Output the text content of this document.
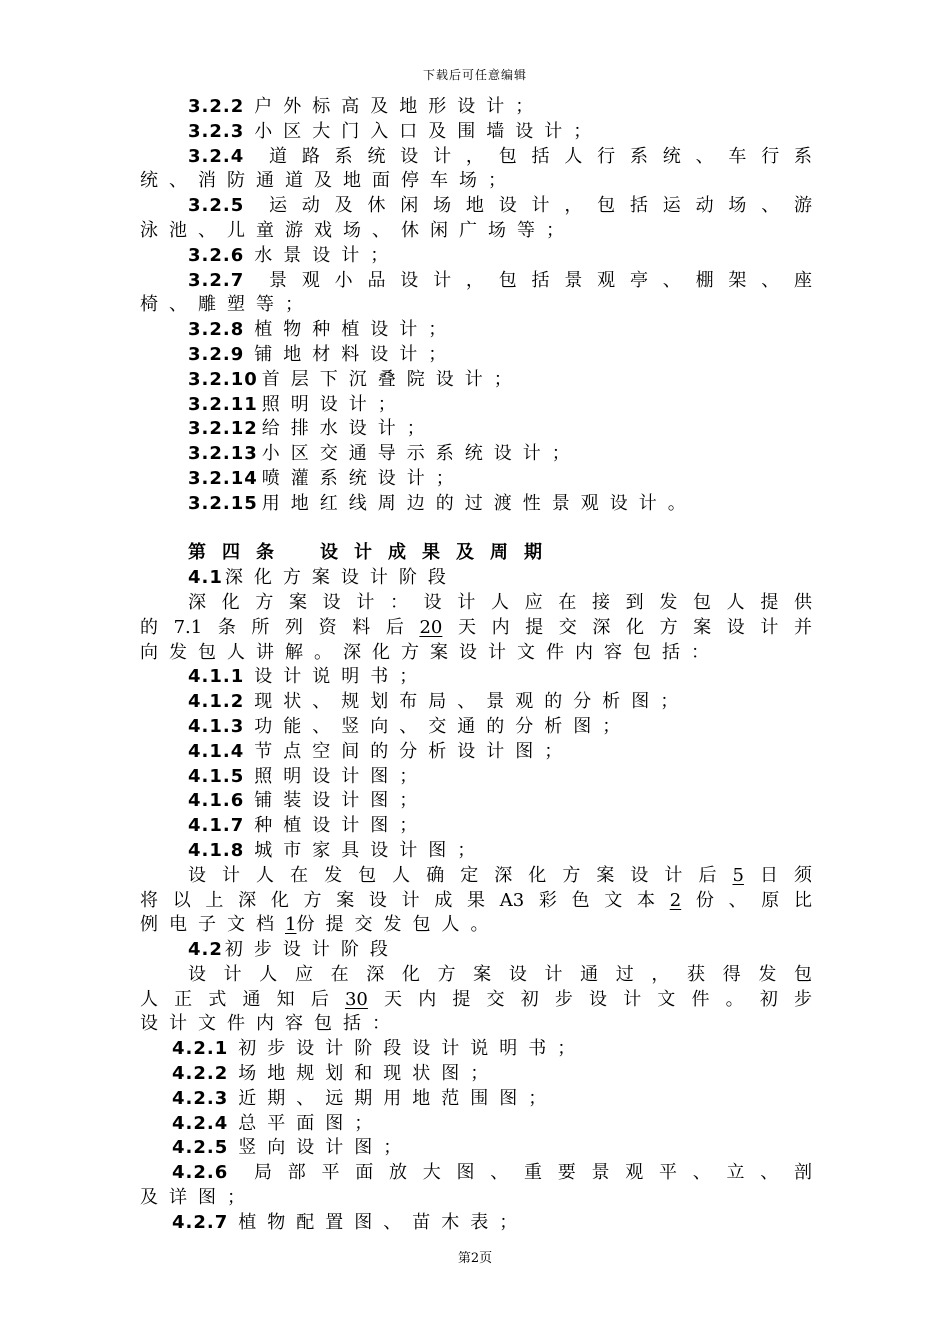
下载后可任意编辑
3.2.2 户外标高及地形设计；
3.2.3 小区大门入口及围墙设计；
3.2.4 道路系统设计，包括人行系统、车行系
统、消防通道及地面停车场；
3.2.5 运动及休闲场地设计，包括运动场、游
泳池、儿童游戏场、休闲广场等；
3.2.6 水景设计；
3.2.7 景观小品设计，包括景观亭、棚架、座
椅、雕塑等；
3.2.8 植物种植设计；
3.2.9 铺地材料设计；
3.2.10 首层下沉叠院设计；
3.2.11 照明设计；
3.2.12 给排水设计；
3.2.13 小区交通导示系统设计；
3.2.14 喷灌系统设计；
3.2.15 用地红线周边的过渡性景观设计。
第四条 设计成果及周期
4.1 深化方案设计阶段
深化方案设计：设计人应在接到发包人提供
的7.1条所列资料后20天内提交深化方案设计并
向发包人讲解。深化方案设计文件内容包括：
4.1.1 设计说明书；
4.1.2 现状、规划布局、景观的分析图；
4.1.3 功能、竖向、交通的分析图；
4.1.4 节点空间的分析设计图；
4.1.5 照明设计图；
4.1.6 铺装设计图；
4.1.7 种植设计图；
4.1.8 城市家具设计图；
设计人在发包人确定深化方案设计后5日须
将以上深化方案设计成果A3彩色文本2份、原比
例电子文档1份提交发包人。
4.2 初步设计阶段
设计人应在深化方案设计通过，获得发包
人正式通知后30天内提交初步设计文件。初步
设计文件内容包括：
4.2.1 初步设计阶段设计说明书；
4.2.2 场地规划和现状图；
4.2.3 近期、远期用地范围图；
4.2.4 总平面图；
4.2.5 竖向设计图；
4.2.6 局部平面放大图、重要景观平、立、剖
及详图；
4.2.7 植物配置图、苗木表；
第2页
